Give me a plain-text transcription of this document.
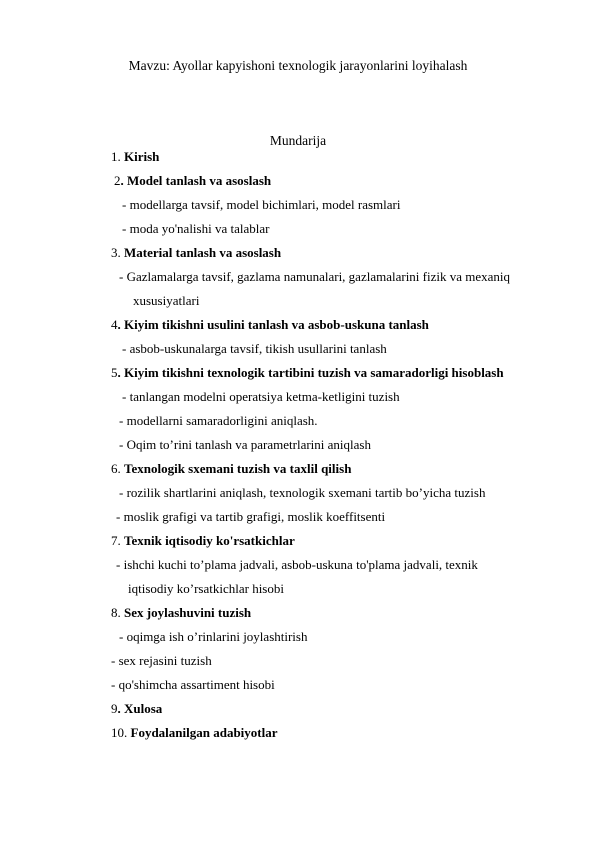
Mavzu: Ayollar kapyishoni texnologik jarayonlarini loyihalash
Mundarija
1. Kirish
2. Model tanlash va asoslash
- modellarga tavsif, model bichimlari, model rasmlari
- moda yo'nalishi va talablar
3. Material tanlash va asoslash
- Gazlamalarga tavsif, gazlama namunalari, gazlamalarini fizik va mexaniq
xususiyatlari
4. Kiyim tikishni usulini tanlash va asbob-uskuna tanlash
- asbob-uskunalarga tavsif, tikish usullarini tanlash
5. Kiyim tikishni texnologik tartibini tuzish va samaradorligi hisoblash
- tanlangan modelni operatsiya ketma-ketligini tuzish
- modellarni samaradorligini aniqlash.
- Oqim to’rini tanlash va parametrlarini aniqlash
6. Texnologik sxemani tuzish va taxlil qilish
- rozilik shartlarini aniqlash, texnologik sxemani tartib bo’yicha tuzish
- moslik grafigi va tartib grafigi, moslik koeffitsenti
7. Texnik iqtisodiy ko'rsatkichlar
- ishchi kuchi to’plama jadvali, asbob-uskuna to'plama jadvali, texnik
iqtisodiy ko’rsatkichlar hisobi
8. Sex joylashuvini tuzish
- oqimga ish o’rinlarini joylashtirish
- sex rejasini tuzish
- qo'shimcha assartiment hisobi
9. Xulosa
10. Foydalanilgan adabiyotlar
